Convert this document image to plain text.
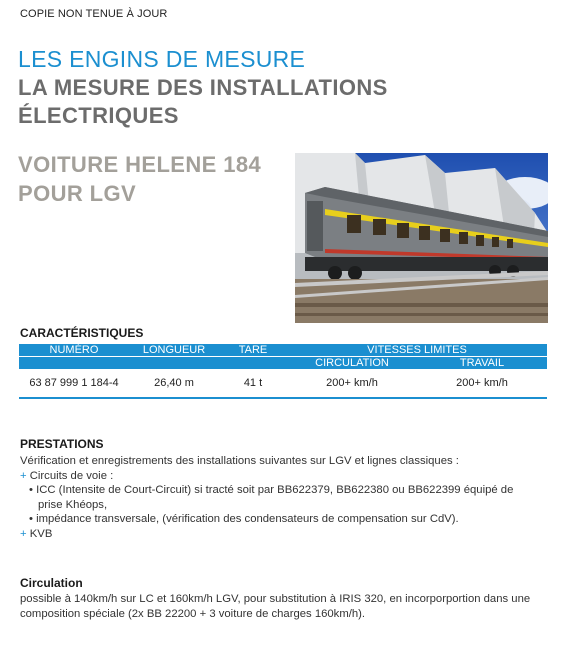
COPIE NON TENUE À JOUR
LES ENGINS DE MESURE
LA MESURE DES INSTALLATIONS ÉLECTRIQUES
VOITURE HELENE 184 POUR LGV
CARACTÉRISTIQUES
NUMÉRO	LONGUEUR	TARE	VITESSES LIMITES	
			CIRCULATION	TRAVAIL
63 87 999 1 184-4	26,40 m	41 t	200+ km/h	200+ km/h
PRESTATIONS

Vérification et enregistrements des installations suivantes sur LGV et lignes classiques :

+ Circuits de voie :

• ICC (Intensite de Court-Circuit) si tracté soit par BB622379, BB622380 ou BB622399 équipé de prise Khéops,

• impédance transversale, (vérification des condensateurs de compensation sur CdV).

+ KVB

Circulation
possible à 140km/h sur LC et 160km/h LGV, pour substitution à IRIS 320, en incorporportion dans une composition spéciale (2x BB 22200 + 3 voiture de charges 160km/h).
